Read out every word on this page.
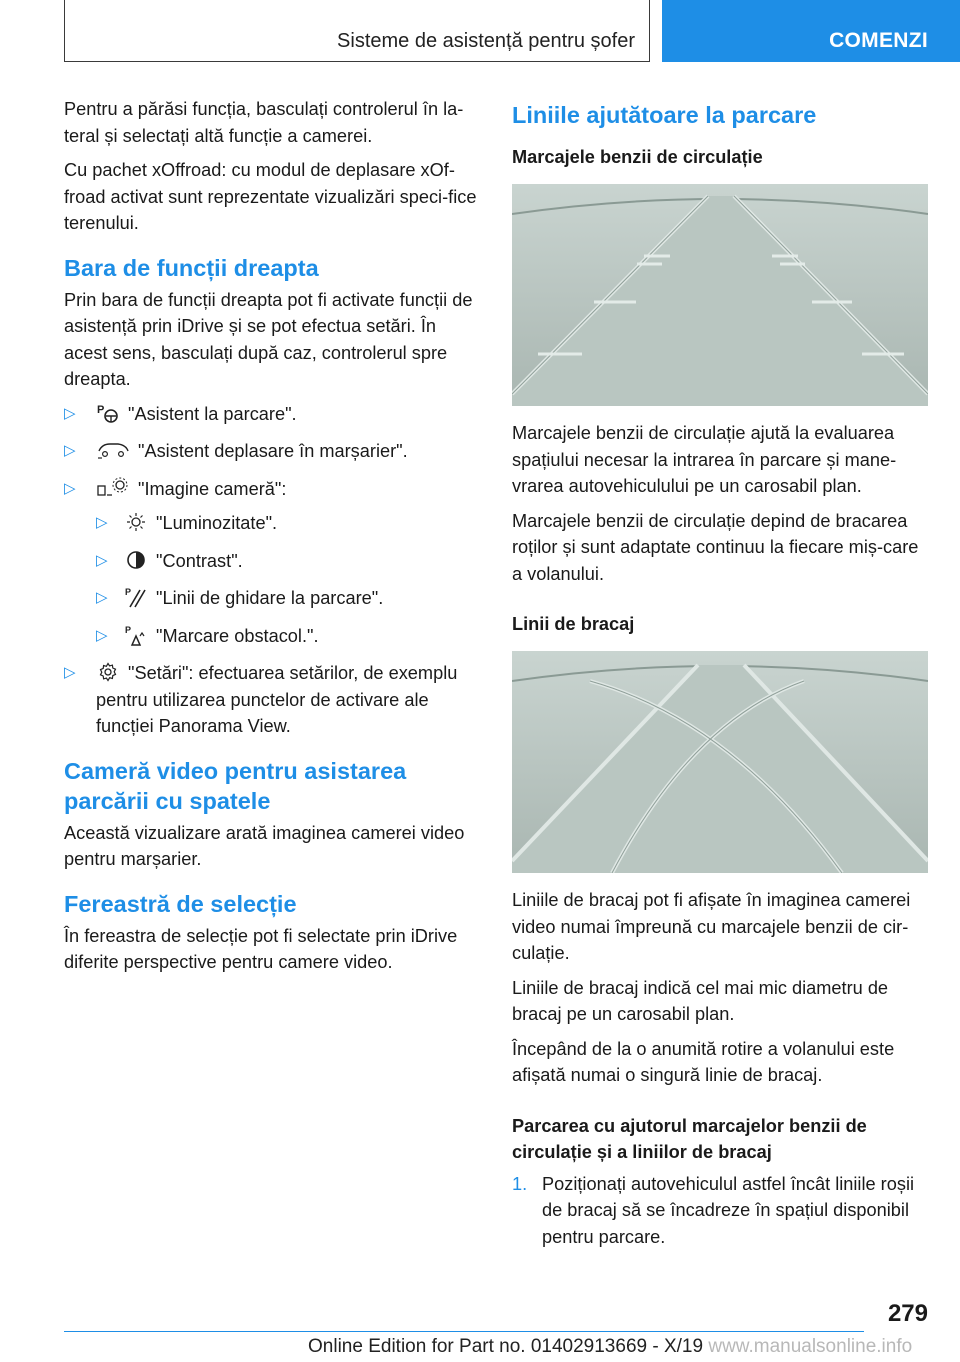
Sisteme de asistență pentru șofer	COMENZI

Pentru a părăsi funcția, basculați controlerul în la-teral și selectați altă funcție a camerei.

Cu pachet xOffroad: cu modul de deplasare xOf-froad activat sunt reprezentate vizualizări speci-fice terenului.

Bara de funcții dreapta

Prin bara de funcții dreapta pot fi activate funcții de asistență prin iDrive și se pot efectua setări. În acest sens, basculați după caz, controlerul spre dreapta.

▷ P "Asistent la parcare".
▷	"Asistent deplasare în marșarier".
▷	"Imagine cameră":
▷	"Luminozitate".
▷	"Contrast".
▷ P "Linii de ghidare la parcare".
▷ P "Marcare obstacol.".
▷	"Setări": efectuarea setărilor, de exemplu pentru utilizarea punctelor de activare ale funcției Panorama View.
Cameră video pentru asistarea parcării cu spatele

Această vizualizare arată imaginea camerei video pentru marșarier.

Fereastră de selecție

În fereastra de selecție pot fi selectate prin iDrive diferite perspective pentru camere video.

Liniile ajutătoare la parcare
Marcajele benzii de circulație

Marcajele benzii de circulație ajută la evaluarea spațiului necesar la intrarea în parcare și mane-vrarea autovehiculului pe un carosabil plan.

Marcajele benzii de circulație depind de bracarea roților și sunt adaptate continuu la fiecare miș-care a volanului.

Linii de bracaj

Liniile de bracaj pot fi afișate în imaginea camerei video numai împreună cu marcajele benzii de cir-culație.

Liniile de bracaj indică cel mai mic diametru de bracaj pe un carosabil plan.

Începând de la o anumită rotire a volanului este afișată numai o singură linie de bracaj.

Parcarea cu ajutorul marcajelor benzii de circulație și a liniilor de bracaj
1. Poziționați autovehiculul astfel încât liniile roșii de bracaj să se încadreze în spațiul disponibil pentru parcare.
279
Online Edition for Part no. 01402913669 - X/19 www.manualsonline.info
